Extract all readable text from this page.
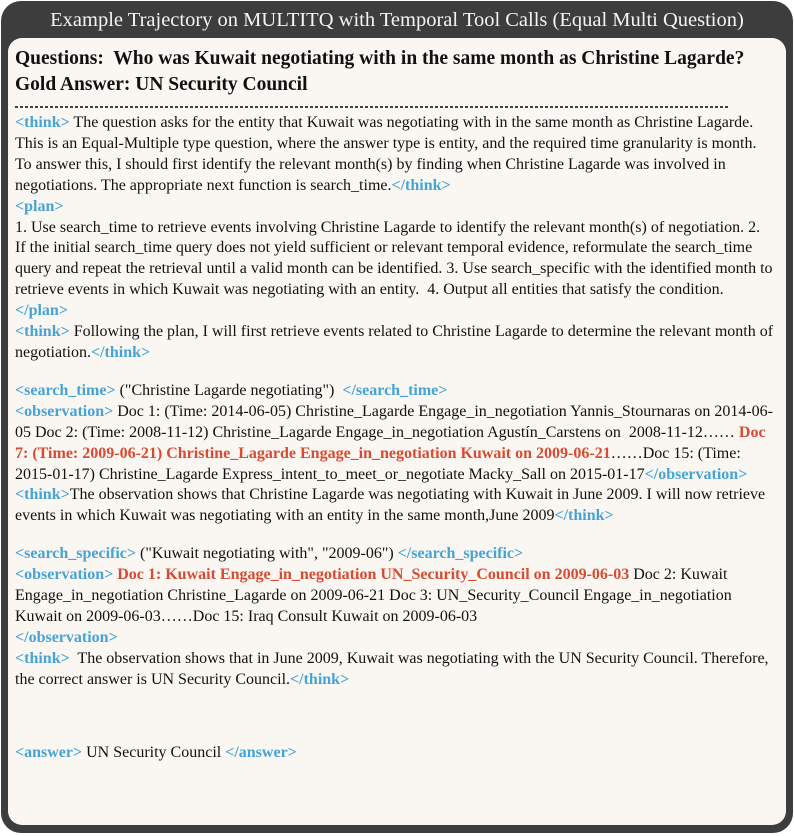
Example Trajectory on MULTITQ with Temporal Tool Calls (Equal Multi Question)
Questions:  Who was Kuwait negotiating with in the same month as Christine Lagarde? Gold Answer: UN Security Council
<think> The question asks for the entity that Kuwait was negotiating with in the same month as Christine Lagarde. This is an Equal-Multiple type question, where the answer type is entity, and the required time granularity is month. To answer this, I should first identify the relevant month(s) by finding when Christine Lagarde was involved in negotiations. The appropriate next function is search_time.</think>
<plan>
1. Use search_time to retrieve events involving Christine Lagarde to identify the relevant month(s) of negotiation. 2. If the initial search_time query does not yield sufficient or relevant temporal evidence, reformulate the search_time query and repeat the retrieval until a valid month can be identified. 3. Use search_specific with the identified month to retrieve events in which Kuwait was negotiating with an entity.  4. Output all entities that satisfy the condition.</plan>
<think> Following the plan, I will first retrieve events related to Christine Lagarde to determine the relevant month of negotiation.</think>
<search_time> ("Christine Lagarde negotiating")  </search_time>
<observation> Doc 1: (Time: 2014-06-05) Christine_Lagarde Engage_in_negotiation Yannis_Stournaras on 2014-06-05 Doc 2: (Time: 2008-11-12) Christine_Lagarde Engage_in_negotiation Agustín_Carstens on  2008-11-12…… Doc 7: (Time: 2009-06-21) Christine_Lagarde Engage_in_negotiation Kuwait on 2009-06-21……Doc 15: (Time: 2015-01-17) Christine_Lagarde Express_intent_to_meet_or_negotiate Macky_Sall on 2015-01-17</observation>
<think>The observation shows that Christine Lagarde was negotiating with Kuwait in June 2009. I will now retrieve events in which Kuwait was negotiating with an entity in the same month,June 2009</think>
<search_specific> ("Kuwait negotiating with", "2009-06") </search_specific>
<observation> Doc 1: Kuwait Engage_in_negotiation UN_Security_Council on 2009-06-03 Doc 2: Kuwait Engage_in_negotiation Christine_Lagarde on 2009-06-21 Doc 3: UN_Security_Council Engage_in_negotiation Kuwait on 2009-06-03……Doc 15: Iraq Consult Kuwait on 2009-06-03
</observation>
<think>  The observation shows that in June 2009, Kuwait was negotiating with the UN Security Council. Therefore, the correct answer is UN Security Council.</think>
<answer> UN Security Council </answer>
